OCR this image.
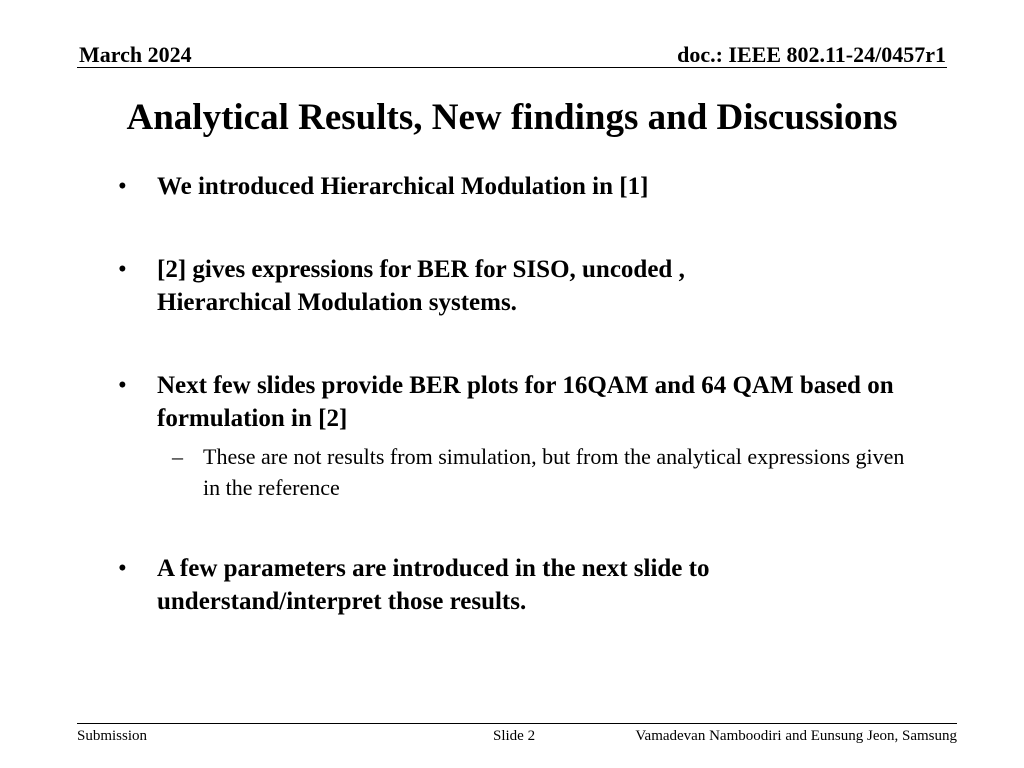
March 2024	doc.: IEEE 802.11-24/0457r1
Analytical Results, New findings and Discussions
• We introduced Hierarchical Modulation in [1]
• [2] gives expressions for BER for SISO, uncoded , Hierarchical Modulation systems.
• Next few slides provide BER plots for 16QAM and 64 QAM based on formulation in [2]
– These are not results from simulation, but from the analytical expressions given in the reference
• A few parameters are introduced in the next slide to understand/interpret those results.
Submission	Slide 2	Vamadevan Namboodiri and Eunsung Jeon, Samsung
